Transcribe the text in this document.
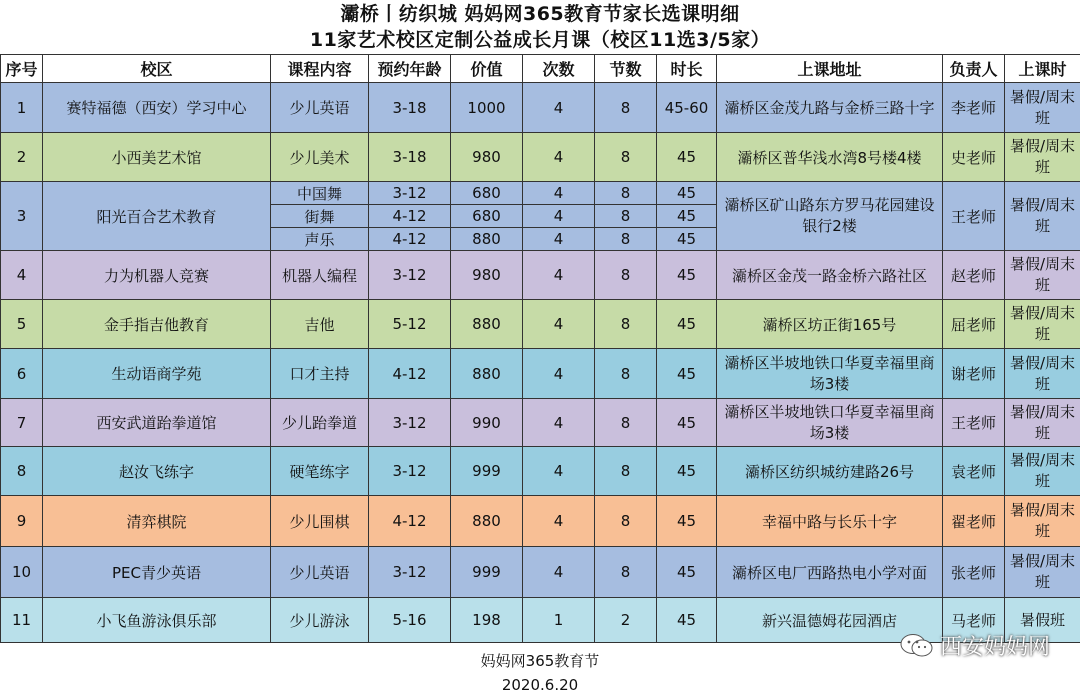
灞桥丨纺织城 妈妈网365教育节家长选课明细
11家艺术校区定制公益成长月课（校区11选3/5家）
序号	校区	课程内容	预约年龄	价值	次数	节数	时长	上课地址	负责人	上课时
1	赛特福德（西安）学习中心	少儿英语	3-18	1000	4	8	45-60	灞桥区金茂九路与金桥三路十字	李老师	暑假/周末班
2	小西美艺术馆	少儿美术	3-18	980	4	8	45	灞桥区普华浅水湾8号楼4楼	史老师	暑假/周末班
3	阳光百合艺术教育	中国舞	3-12	680	4	8	45	灞桥区矿山路东方罗马花园建设银行2楼	王老师	暑假/周末班
		街舞	4-12	680	4	8	45			
		声乐	4-12	880	4	8	45			
4	力为机器人竞赛	机器人编程	3-12	980	4	8	45	灞桥区金茂一路金桥六路社区	赵老师	暑假/周末班
5	金手指吉他教育	吉他	5-12	880	4	8	45	灞桥区坊正街165号	屈老师	暑假/周末班
6	生动语商学苑	口才主持	4-12	880	4	8	45	灞桥区半坡地铁口华夏幸福里商场3楼	谢老师	暑假/周末班
7	西安武道跆拳道馆	少儿跆拳道	3-12	990	4	8	45	灞桥区半坡地铁口华夏幸福里商场3楼	王老师	暑假/周末班
8	赵汝飞练字	硬笔练字	3-12	999	4	8	45	灞桥区纺织城纺建路26号	袁老师	暑假/周末班
9	清弈棋院	少儿围棋	4-12	880	4	8	45	幸福中路与长乐十字	翟老师	暑假/周末班
10	PEC青少英语	少儿英语	3-12	999	4	8	45	灞桥区电厂西路热电小学对面	张老师	暑假/周末班
11	小飞鱼游泳俱乐部	少儿游泳	5-16	198	1	2	45	新兴温德姆花园酒店	马老师	暑假班
妈妈网365教育节
2020.6.20
西安妈妈网
